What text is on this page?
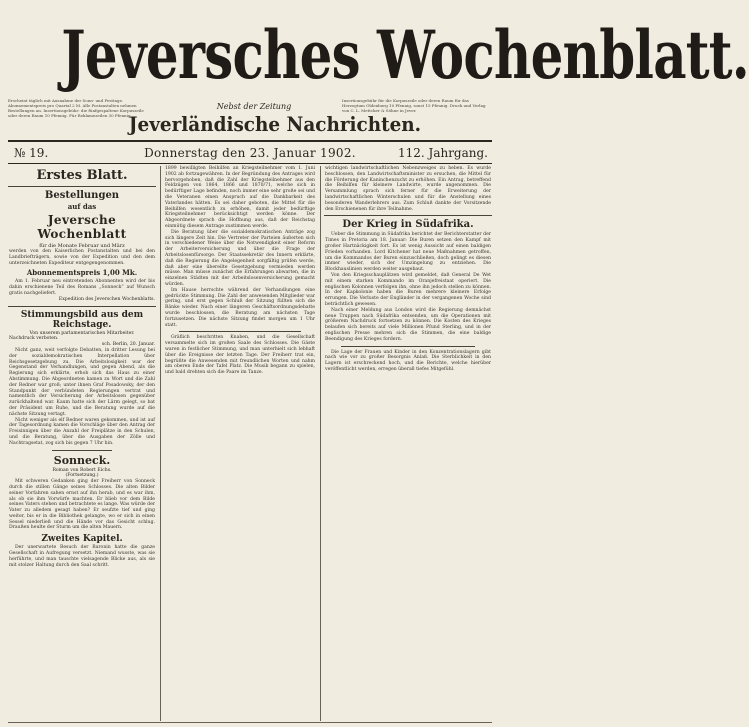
Jeversches Wochenblatt.
Erscheint täglich mit Ausnahme der Sonn- und Festtage. Abonnementspreis pro Quartal 2 M. Alle Postanstalten nehmen Bestellungen an. Insertionsgebühr: die fünfgespaltene Korpuszeile oder deren Raum 10 Pfennig. Für Reklamezeilen 30 Pfennig.
Nebst der Zeitung
Insertionsgebühr für die Korpuszeile oder deren Raum für das Herzogtum Oldenburg 10 Pfennig, sonst 15 Pfennig. Druck und Verlag von C. L. Mettcker & Söhne in Jever.
Jeverländische Nachrichten.
№ 19.	Donnerstag den 23. Januar 1902.	112. Jahrgang.
Erstes Blatt.
Bestellungen
auf das
Jeversche Wochenblatt
für die Monate Februar und März

werden von den Kaiserlichen Postanstalten und bei den Landbriefträgern, sowie von der Expedition und den dem unterzeichneten Expediteur entgegengenommen.

Abonnementspreis 1,00 Mk.

Am 1. Februar neu eintretenden Abonnenten wird der bis dahin erschienene Teil des Romans „Sonneck“ auf Wunsch gratis nachgeliefert.

Expedition des Jeverschen Wochenblatts.
Stimmungsbild aus dem Reichstage.
Von unserem parlamentarischen Mitarbeiter.
Nachdruck verboten.
sch. Berlin, 20. Januar.

Nicht ganz, weit verfolgte Debatten, in dritter Lesung bei der sozialdemokratischen Interpellation über Reichsgesetzgebung zu. Die Arbeitslosigkeit war der Gegenstand der Verhandlungen, und gegen Abend, als die Regierung sich erklärte, erhob sich das Haus zu einer Abstimmung. Die Abgeordneten kamen zu Wort und die Zahl der Redner war groß; unter ihnen Graf Posadowsky, der den Standpunkt der verbündeten Regierungen vertrat und namentlich der Versicherung der Arbeitslosen gegenüber zurückhaltend war. Kaum hatte sich der Lärm gelegt, so bat der Präsident um Ruhe, und die Beratung wurde auf die nächste Sitzung vertagt.

Nicht weniger als elf Redner waren gekommen, und ist auf der Tagesordnung kamen die Vorschläge über den Antrag der Freisinnigen über die Anzahl der Freiplätze in den Schulen, und die Beratung, über die Ausgaben der Zölle und Nachtragsetat, zog sich bis gegen 7 Uhr hin.

Sonneck.
Roman von Robert Eichs.
(Fortsetzung.)

Mit schweren Gedanken ging der Freiherr von Sonneck durch die stillen Gänge seines Schlosses. Die alten Bilder seiner Vorfahren sahen ernst auf ihn herab, und es war ihm, als ob sie ihm Vorwürfe machten. Er blieb vor dem Bilde seines Vaters stehen und betrachtete es lange. Was würde der Vater zu alledem gesagt haben? Er seufzte tief und ging weiter, bis er in die Bibliothek gelangte, wo er sich in einen Sessel niederließ und die Hände vor das Gesicht schlug. Draußen heulte der Sturm um die alten Mauern.

Zweites Kapitel.

Der unerwartete Besuch der Baronin hatte die ganze Gesellschaft in Aufregung versetzt. Niemand wusste, was sie herführte, und man tauschte vielsagende Blicke aus, als sie mit stolzer Haltung durch den Saal schritt.

1899 bewilligten Beihilfen an Kriegsteilnehmer vom 1. Juni 1902 ab fortzugewähren. In der Begründung des Antrages wird hervorgehoben, daß die Zahl der Kriegsteilnehmer aus den Feldzügen von 1864, 1866 und 1870/71, welche sich in bedürftiger Lage befinden, noch immer eine sehr große sei und die Veteranen einen Anspruch auf die Dankbarkeit des Vaterlandes hätten. Es sei daher geboten, die Mittel für die Beihilfen wesentlich zu erhöhen, damit jeder bedürftige Kriegsteilnehmer berücksichtigt werden könne. Der Abgeordnete sprach die Hoffnung aus, daß der Reichstag einmütig diesem Antrage zustimmen werde.

Die Beratung über die sozialdemokratischen Anträge zog sich längere Zeit hin. Die Vertreter der Parteien äußerten sich in verschiedener Weise über die Notwendigkeit einer Reform der Arbeiterversicherung und über die Frage der Arbeitslosenfürsorge. Der Staatssekretär des Innern erklärte, daß die Regierung die Angelegenheit sorgfältig prüfen werde, daß aber eine übereilte Gesetzgebung vermieden werden müsse. Man müsse zunächst die Erfahrungen abwarten, die in einzelnen Städten mit der Arbeitslosenversicherung gemacht würden.

Im Hause herrschte während der Verhandlungen eine gedrückte Stimmung. Die Zahl der anwesenden Mitglieder war gering, und erst gegen Schluß der Sitzung füllten sich die Bänke wieder. Nach einer längeren Geschäftsordnungsdebatte wurde beschlossen, die Beratung am nächsten Tage fortzusetzen. Die nächste Sitzung findet morgen um 1 Uhr statt.

Gräflich beschritten Knaben, und die Gesellschaft versammelte sich im großen Saale des Schlosses. Die Gäste waren in festlicher Stimmung, und man unterhielt sich lebhaft über die Ereignisse der letzten Tage. Der Freiherr trat ein, begrüßte die Anwesenden mit freundlichen Worten und nahm am oberen Ende der Tafel Platz. Die Musik begann zu spielen, und bald drehten sich die Paare im Tanze.

wichtigen landwirtschaftlichen Nebenzweiges zu heben. Es wurde beschlossen, den Landwirtschaftsminister zu ersuchen, die Mittel für die Förderung der Kaninchenzucht zu erhöhen. Ein Antrag, betreffend die Beihilfen für kleinere Landwirte, wurde angenommen. Die Versammlung sprach sich ferner für die Erweiterung der landwirtschaftlichen Winterschulen und für die Anstellung eines besonderen Wanderlehrers aus. Zum Schluß dankte der Vorsitzende den Erschienenen für ihre Teilnahme.

Der Krieg in Südafrika.

Ueber die Stimmung in Südafrika berichtet der Berichterstatter der Times in Pretoria am 18. Januar: Die Buren setzen den Kampf mit großer Hartnäckigkeit fort. Es ist wenig Aussicht auf einen baldigen Frieden vorhanden. Lord Kitchener hat neue Maßnahmen getroffen, um die Kommandos der Buren einzuschließen, doch gelingt es diesen immer wieder, sich der Umzingelung zu entziehen. Die Blockhauslinien werden weiter ausgebaut.

Von den Kriegsschauplätzen wird gemeldet, daß General De Wet mit einem starken Kommando im Oranjefreistaat operiert. Die englischen Kolonnen verfolgen ihn, ohne ihn jedoch stellen zu können. In der Kapkolonie haben die Buren mehrere kleinere Erfolge errungen. Die Verluste der Engländer in der vergangenen Woche sind beträchtlich gewesen.

Nach einer Meldung aus London wird die Regierung demnächst neue Truppen nach Südafrika entsenden, um die Operationen mit größerem Nachdruck fortsetzen zu können. Die Kosten des Krieges belaufen sich bereits auf viele Millionen Pfund Sterling, und in der englischen Presse mehren sich die Stimmen, die eine baldige Beendigung des Krieges fordern.

Die Lage der Frauen und Kinder in den Konzentrationslagern gibt nach wie vor zu großer Besorgnis Anlaß. Die Sterblichkeit in den Lagern ist erschreckend hoch, und die Berichte, welche hierüber veröffentlicht werden, erregen überall tiefes Mitgefühl.
